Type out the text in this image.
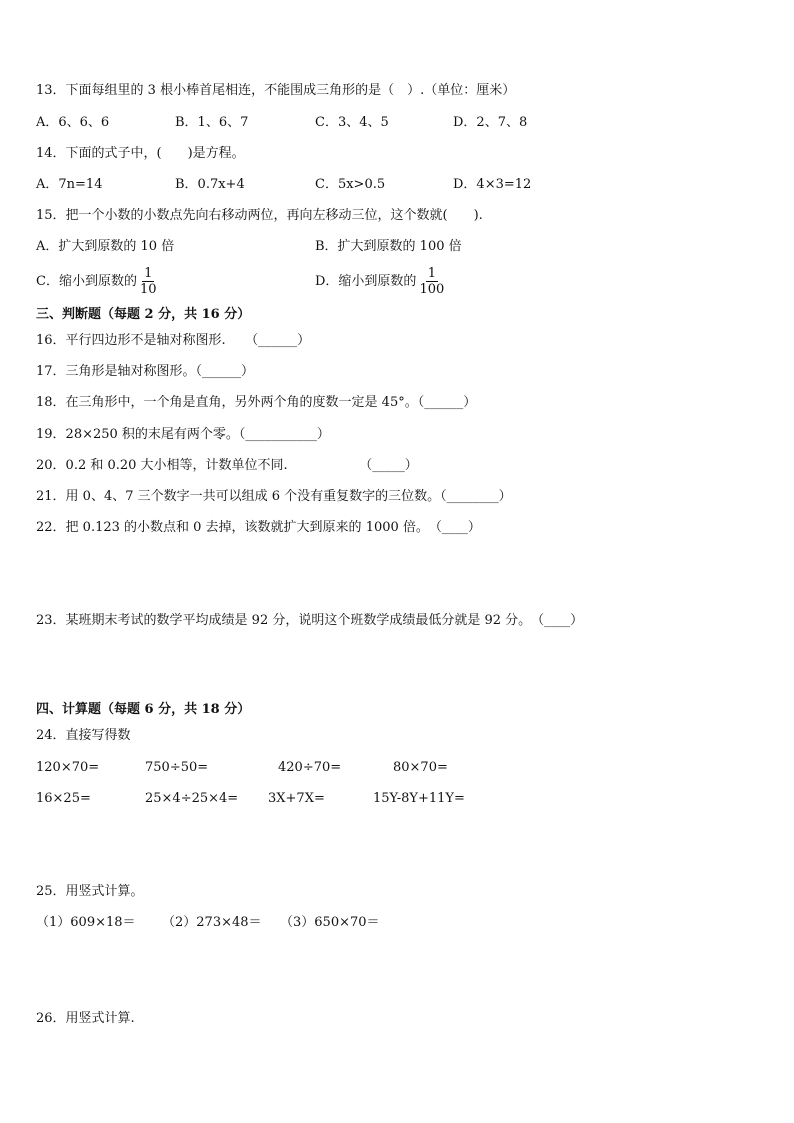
13．下面每组里的 3 根小棒首尾相连，不能围成三角形的是（　）.（单位：厘米）
A．6、6、6	B．1、6、7	C．3、4、5	D．2、7、8
14．下面的式子中，(　　)是方程。
A．7n=14	B．0.7x+4	C．5x>0.5	D．4×3=12
15．把一个小数的小数点先向右移动两位，再向左移动三位，这个数就(　　).
A．扩大到原数的 10 倍	B．扩大到原数的 100 倍
C．缩小到原数的 $\frac{1}{10}$	D．缩小到原数的 $\frac{1}{100}$
三、判断题（每题 2 分，共 16 分）
16．平行四边形不是轴对称图形.　　（______）
17．三角形是轴对称图形。（______）
18．在三角形中，一个角是直角，另外两个角的度数一定是 45°。（______）
19．28×250 积的末尾有两个零。（___________）
20．0.2 和 0.20 大小相等，计数单位不同.　　　　　　（_____）
21．用 0、4、7 三个数字一共可以组成 6 个没有重复数字的三位数。（________）
22．把 0.123 的小数点和 0 去掉，该数就扩大到原来的 1000 倍。　（____）
23．某班期末考试的数学平均成绩是 92 分，说明这个班数学成绩最低分就是 92 分。　（____）
四、计算题（每题 6 分，共 18 分）
24．直接写得数
120×70=	750÷50=	420÷70=	80×70=
16×25=	25×4÷25×4= 3X+7X=	15Y-8Y+11Y=
25．用竖式计算。
（1）609×18＝ （2）273×48＝ （3）650×70＝
26．用竖式计算.
